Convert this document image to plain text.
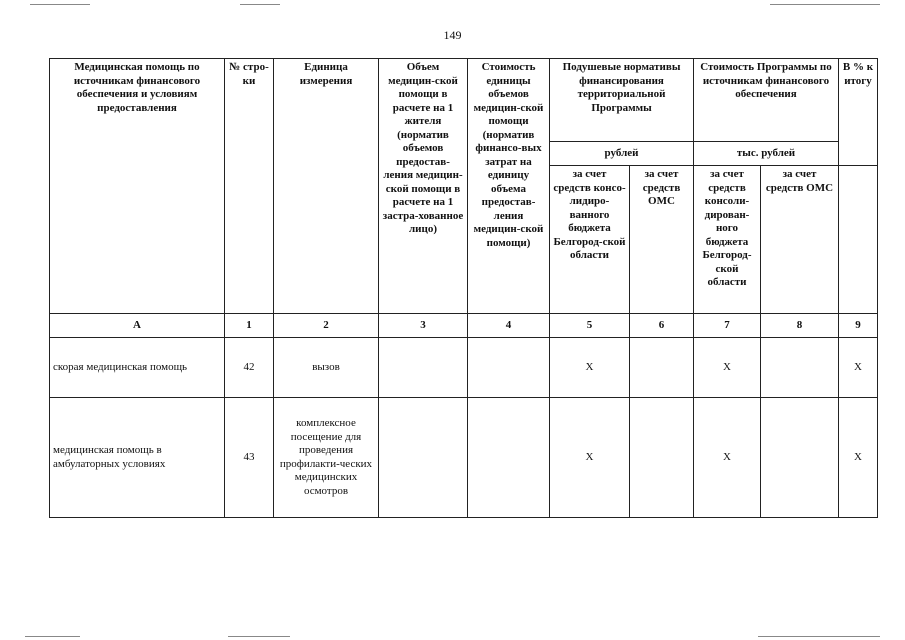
149
Медицинская помощь по источникам финансового обеспечения и условиям предоставления	№ стро-ки	Единица измерения	Объем медицин-ской помощи в расчете на 1 жителя (норматив объемов предостав-ления медицин-ской помощи в расчете на 1 застра-хованное лицо)	Стоимость единицы объемов медицин-ской помощи (норматив финансо-вых затрат на единицу объема предостав-ления медицин-ской помощи)	Подушевые нормативы финансирования территориальной Программы		Стоимость Программы по источникам финансового обеспечения		В % к итогу
					рублей		тыс. рублей		
					за счет средств консо-лидиро-ванного бюджета Белгород-ской области	за счет средств ОМС	за счет средств консоли-дирован-ного бюджета Белгород-ской области	за счет средств ОМС	
А	1	2	3	4	5	6	7	8	9
скорая медицинская помощь	42	вызов			Х		Х		Х
медицинская помощь в амбулаторных условиях	43	комплексное посещение для проведения профилакти-ческих медицинских осмотров			Х		Х		Х
